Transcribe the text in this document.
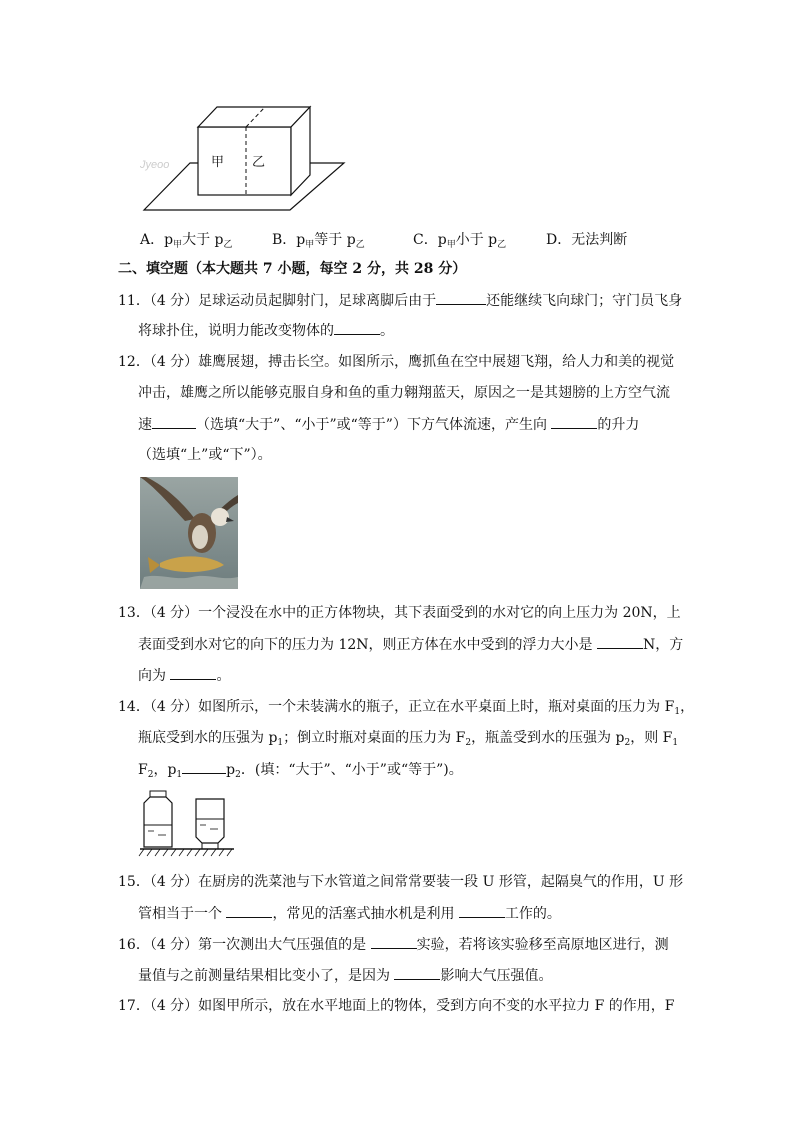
Jyeoo	甲 乙
A．$p_甲$大于 $p_乙$	B．$p_甲$等于 $p_乙$	C．$p_甲$小于 $p_乙$	D．无法判断
二、填空题（本大题共 7 小题，每空 2 分，共 28 分）
11．（4 分）足球运动员起脚射门，足球离脚后由于	还能继续飞向球门；守门员飞身
将球扑住，说明力能改变物体的	。
12．（4 分）雄鹰展翅，搏击长空。如图所示，鹰抓鱼在空中展翅飞翔，给人力和美的视觉
冲击，雄鹰之所以能够克服自身和鱼的重力翱翔蓝天，原因之一是其翅膀的上方空气流
速	（选填“大于”、“小于”或“等于”）下方气体流速，产生向	的升力
（选填“上”或“下”）。
13．（4 分）一个浸没在水中的正方体物块，其下表面受到的水对它的向上压力为 20N，上
表面受到水对它的向下的压力为 12N，则正方体在水中受到的浮力大小是	N，方
向为	。
14．（4 分）如图所示，一个未装满水的瓶子，正立在水平桌面上时，瓶对桌面的压力为 $F_1$，
瓶底受到水的压强为 $p_1$；倒立时瓶对桌面的压力为 $F_2$，瓶盖受到水的压强为 $p_2$，则 $F_1$
$F_2$，$p_1$	$p_2$．(填：“大于”、“小于”或“等于”)。
15．（4 分）在厨房的洗菜池与下水管道之间常常要装一段 U 形管，起隔臭气的作用，U 形
管相当于一个	，常见的活塞式抽水机是利用	工作的。
16．（4 分）第一次测出大气压强值的是	实验，若将该实验移至高原地区进行，测
量值与之前测量结果相比变小了，是因为	影响大气压强值。
17．（4 分）如图甲所示，放在水平地面上的物体，受到方向不变的水平拉力 F 的作用，F
